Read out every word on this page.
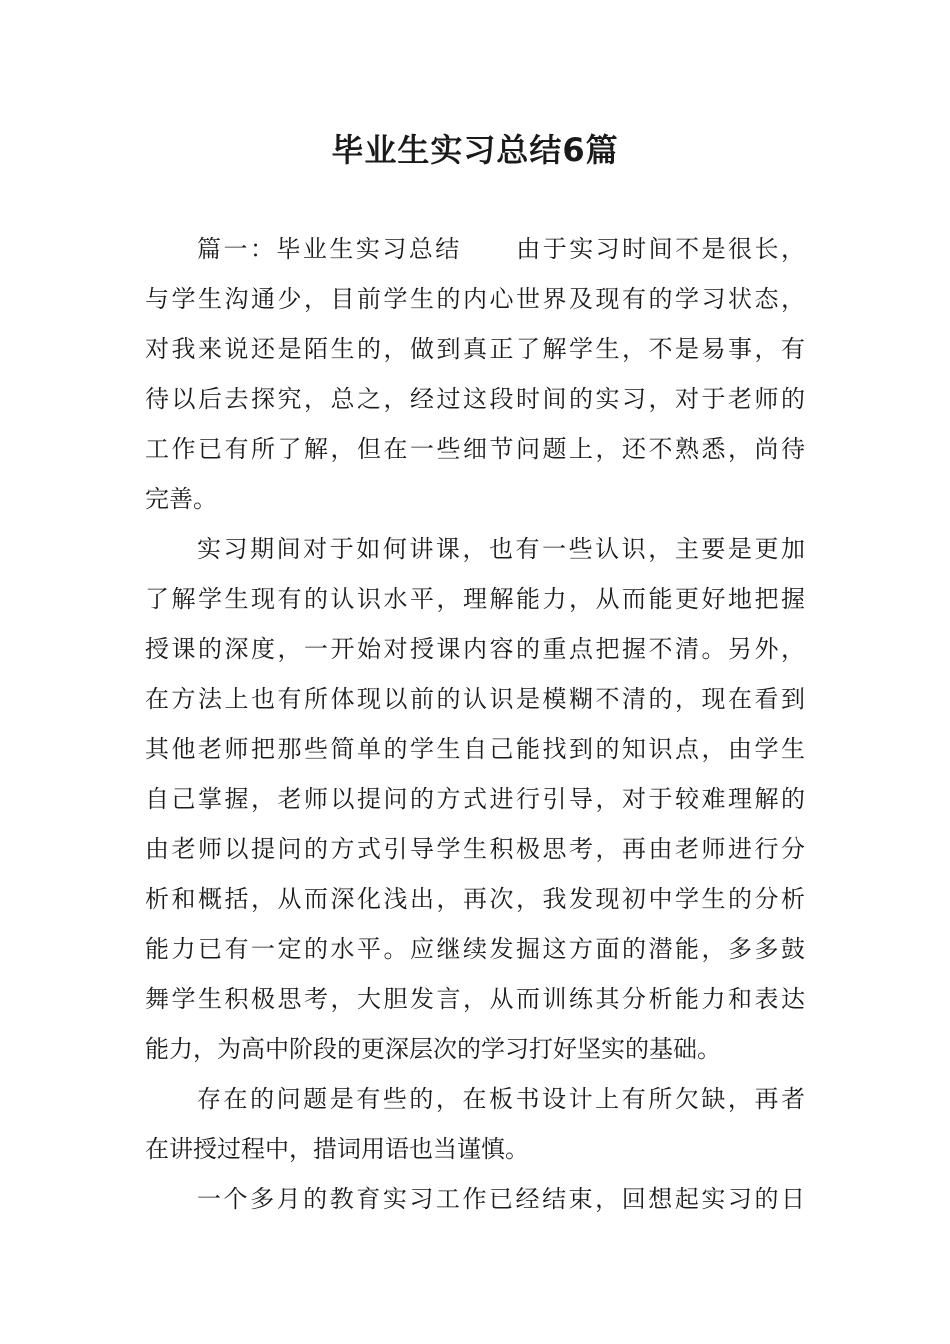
毕业生实习总结6篇
篇一：毕业生实习总结 由于实习时间不是很长，
与学生沟通少，目前学生的内心世界及现有的学习状态，
对我来说还是陌生的，做到真正了解学生，不是易事，有
待以后去探究，总之，经过这段时间的实习，对于老师的
工作已有所了解，但在一些细节问题上，还不熟悉，尚待
完善。
实习期间对于如何讲课，也有一些认识，主要是更加
了解学生现有的认识水平，理解能力，从而能更好地把握
授课的深度，一开始对授课内容的重点把握不清。另外，
在方法上也有所体现以前的认识是模糊不清的，现在看到
其他老师把那些简单的学生自己能找到的知识点，由学生
自己掌握，老师以提问的方式进行引导，对于较难理解的
由老师以提问的方式引导学生积极思考，再由老师进行分
析和概括，从而深化浅出，再次，我发现初中学生的分析
能力已有一定的水平。应继续发掘这方面的潜能，多多鼓
舞学生积极思考，大胆发言，从而训练其分析能力和表达
能力，为高中阶段的更深层次的学习打好坚实的基础。
存在的问题是有些的，在板书设计上有所欠缺，再者
在讲授过程中，措词用语也当谨慎。
一个多月的教育实习工作已经结束，回想起实习的日
